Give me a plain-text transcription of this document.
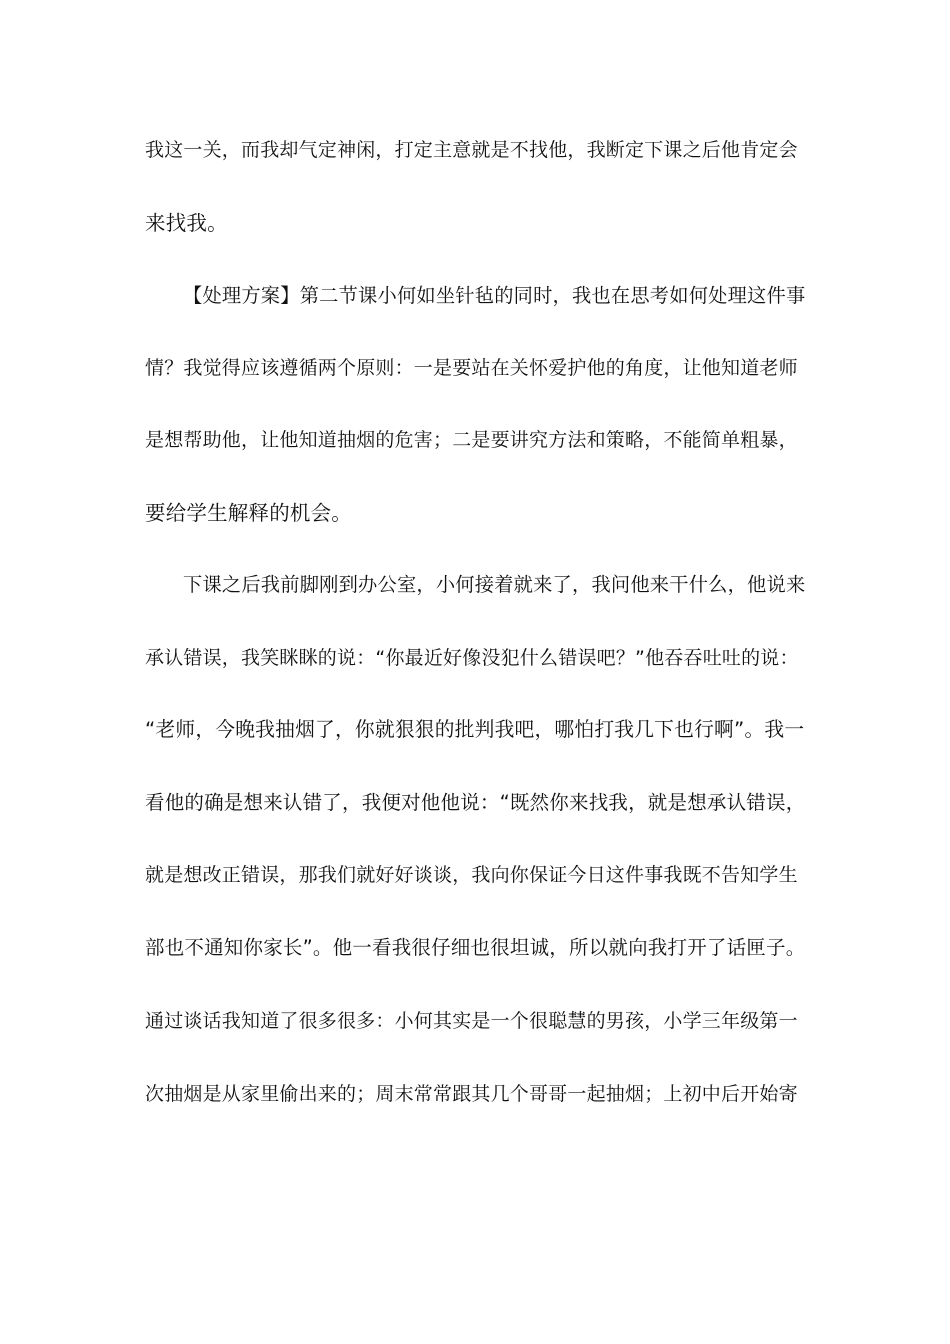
我这一关，而我却气定神闲，打定主意就是不找他，我断定下课之后他肯定会
来找我。
【处理方案】第二节课小何如坐针毡的同时，我也在思考如何处理这件事
情？我觉得应该遵循两个原则：一是要站在关怀爱护他的角度，让他知道老师
是想帮助他，让他知道抽烟的危害；二是要讲究方法和策略，不能简单粗暴，
要给学生解释的机会。
下课之后我前脚刚到办公室，小何接着就来了，我问他来干什么，他说来
承认错误，我笑眯眯的说：“你最近好像没犯什么错误吧？”他吞吞吐吐的说：
“老师，今晚我抽烟了，你就狠狠的批判我吧，哪怕打我几下也行啊”。我一
看他的确是想来认错了，我便对他他说：“既然你来找我，就是想承认错误，
就是想改正错误，那我们就好好谈谈，我向你保证今日这件事我既不告知学生
部也不通知你家长”。他一看我很仔细也很坦诚，所以就向我打开了话匣子。
通过谈话我知道了很多很多：小何其实是一个很聪慧的男孩，小学三年级第一
次抽烟是从家里偷出来的；周末常常跟其几个哥哥一起抽烟；上初中后开始寄
